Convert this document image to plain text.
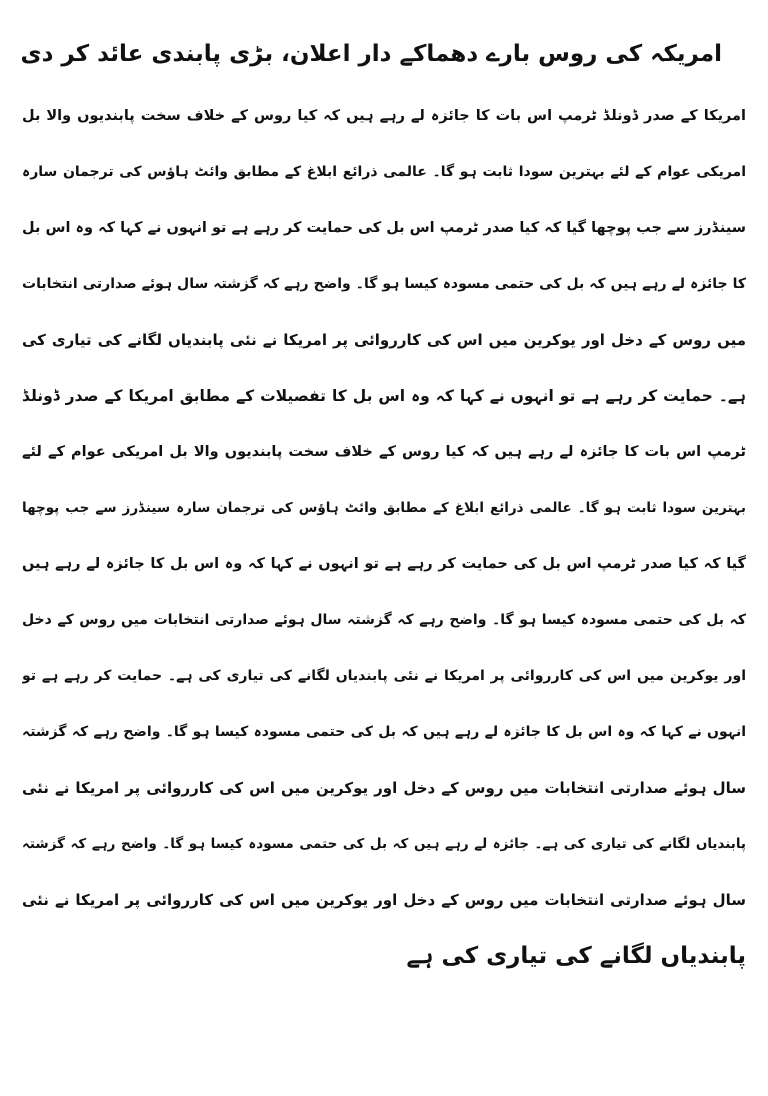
امریکہ کی روس بارے دھماکے دار اعلان، بڑی پابندی عائد کر دی
امریکا کے صدر ڈونلڈ ٹرمپ اس بات کا جائزہ لے رہے ہیں کہ کیا روس کے خلاف سخت پابندیوں والا بل
امریکی عوام کے لئے بہترین سودا ثابت ہو گا۔ عالمی ذرائع ابلاغ کے مطابق وائٹ ہاؤس کی ترجمان سارہ
سینڈرز سے جب پوچھا گیا کہ کیا صدر ٹرمپ اس بل کی حمایت کر رہے ہے تو انہوں نے کہا کہ وہ اس بل
کا جائزہ لے رہے ہیں کہ بل کی حتمی مسودہ کیسا ہو گا۔ واضح رہے کہ گزشتہ سال ہوئے صدارتی انتخابات
میں روس کے دخل اور یوکرین میں اس کی کارروائی پر امریکا نے نئی پابندیاں لگانے کی تیاری کی
ہے۔ حمایت کر رہے ہے تو انہوں نے کہا کہ وہ اس بل کا تفصیلات کے مطابق امریکا کے صدر ڈونلڈ
ٹرمپ اس بات کا جائزہ لے رہے ہیں کہ کیا روس کے خلاف سخت پابندیوں والا بل امریکی عوام کے لئے
بہترین سودا ثابت ہو گا۔ عالمی ذرائع ابلاغ کے مطابق وائٹ ہاؤس کی ترجمان سارہ سینڈرز سے جب پوچھا
گیا کہ کیا صدر ٹرمپ اس بل کی حمایت کر رہے ہے تو انہوں نے کہا کہ وہ اس بل کا جائزہ لے رہے ہیں
کہ بل کی حتمی مسودہ کیسا ہو گا۔ واضح رہے کہ گزشتہ سال ہوئے صدارتی انتخابات میں روس کے دخل
اور یوکرین میں اس کی کارروائی پر امریکا نے نئی پابندیاں لگانے کی تیاری کی ہے۔ حمایت کر رہے ہے تو
انہوں نے کہا کہ وہ اس بل کا جائزہ لے رہے ہیں کہ بل کی حتمی مسودہ کیسا ہو گا۔ واضح رہے کہ گزشتہ
سال ہوئے صدارتی انتخابات میں روس کے دخل اور یوکرین میں اس کی کارروائی پر امریکا نے نئی
پابندیاں لگانے کی تیاری کی ہے۔ جائزہ لے رہے ہیں کہ بل کی حتمی مسودہ کیسا ہو گا۔ واضح رہے کہ گزشتہ
سال ہوئے صدارتی انتخابات میں روس کے دخل اور یوکرین میں اس کی کارروائی پر امریکا نے نئی
پابندیاں لگانے کی تیاری کی ہے
